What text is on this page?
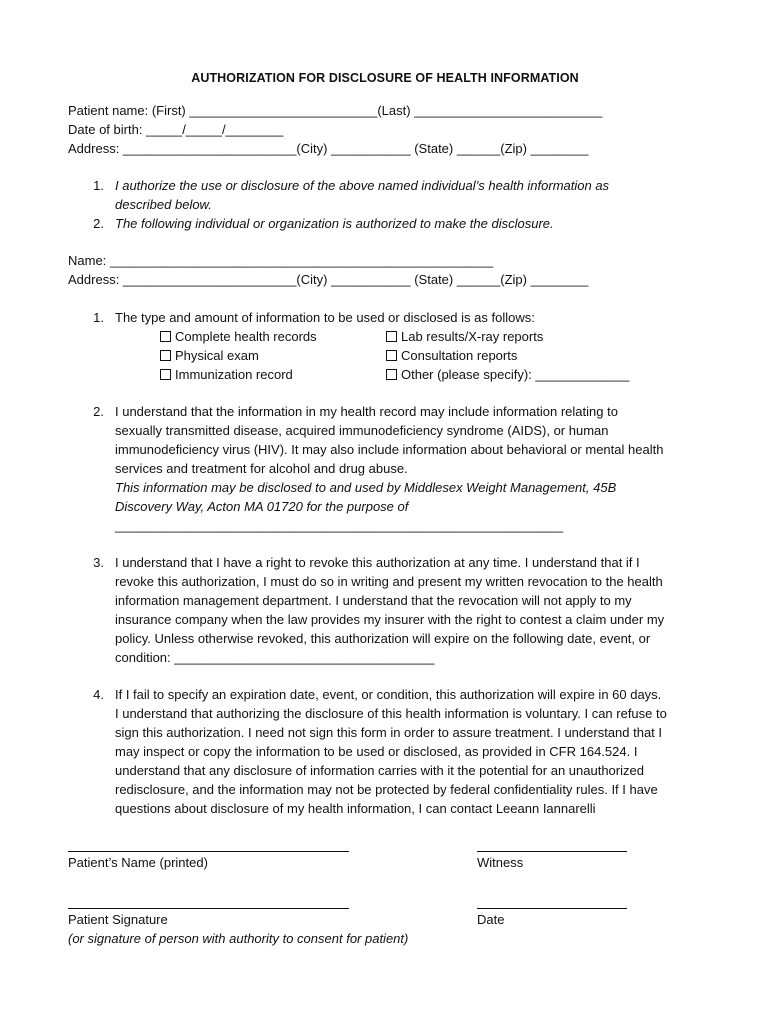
AUTHORIZATION FOR DISCLOSURE OF HEALTH INFORMATION
Patient name: (First) __________________________(Last) __________________________
Date of birth: _____/_____/________
Address: ________________________(City) ___________ (State) ______(Zip) ________
1. I authorize the use or disclosure of the above named individual’s health information as
described below.
2. The following individual or organization is authorized to make the disclosure.
Name: _____________________________________________________
Address: ________________________(City) ___________ (State) ______(Zip) ________
1. The type and amount of information to be used or disclosed is as follows:
Complete health records
Physical exam
Immunization record
Lab results/X-ray reports
Consultation reports
Other (please specify): _____________
2. I understand that the information in my health record may include information relating to
sexually transmitted disease, acquired immunodeficiency syndrome (AIDS), or human
immunodeficiency virus (HIV). It may also include information about behavioral or mental health
services and treatment for alcohol and drug abuse.
This information may be disclosed to and used by Middlesex Weight Management, 45B
Discovery Way, Acton MA 01720 for the purpose of
______________________________________________________________
3. I understand that I have a right to revoke this authorization at any time. I understand that if I
revoke this authorization, I must do so in writing and present my written revocation to the health
information management department. I understand that the revocation will not apply to my
insurance company when the law provides my insurer with the right to contest a claim under my
policy. Unless otherwise revoked, this authorization will expire on the following date, event, or
condition: ____________________________________
4. If I fail to specify an expiration date, event, or condition, this authorization will expire in 60 days.
I understand that authorizing the disclosure of this health information is voluntary. I can refuse to
sign this authorization. I need not sign this form in order to assure treatment. I understand that I
may inspect or copy the information to be used or disclosed, as provided in CFR 164.524. I
understand that any disclosure of information carries with it the potential for an unauthorized
redisclosure, and the information may not be protected by federal confidentiality rules. If I have
questions about disclosure of my health information, I can contact Leeann Iannarelli
Patient’s Name (printed)	Witness
Patient Signature	Date
(or signature of person with authority to consent for patient)
